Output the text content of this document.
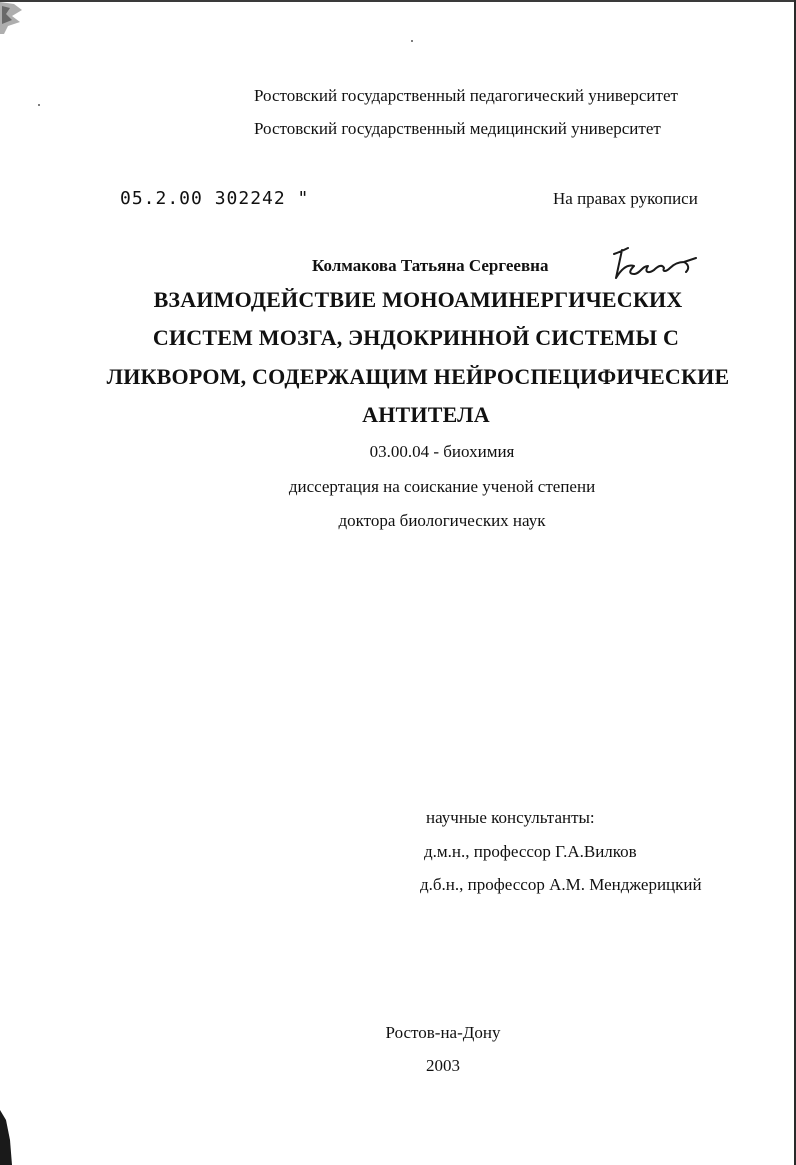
Ростовский государственный педагогический университет
Ростовский государственный медицинский университет
05.2.00 302242 "	На правах рукописи
Колмакова Татьяна Сергеевна
ВЗАИМОДЕЙСТВИЕ МОНОАМИНЕРГИЧЕСКИХ
СИСТЕМ МОЗГА, ЭНДОКРИННОЙ СИСТЕМЫ С
ЛИКВОРОМ, СОДЕРЖАЩИМ НЕЙРОСПЕЦИФИЧЕСКИЕ
АНТИТЕЛА
03.00.04 - биохимия
диссертация на соискание ученой степени
доктора биологических наук
научные консультанты:
д.м.н., профессор Г.А.Вилков
д.б.н., профессор А.М. Менджерицкий
Ростов-на-Дону
2003
